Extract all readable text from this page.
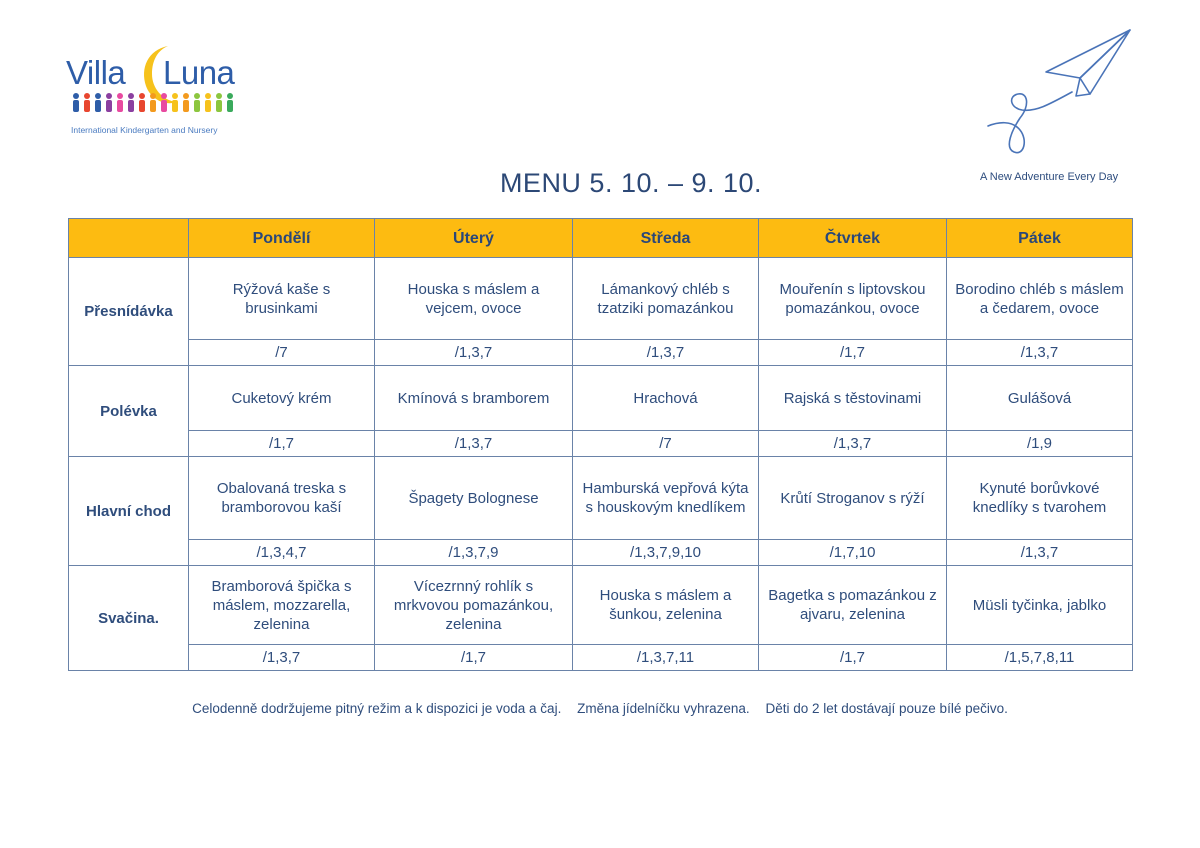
Villa Luna
International Kindergarten and Nursery
A New Adventure Every Day
MENU 5. 10. – 9. 10.
	Pondělí	Úterý	Středa	Čtvrtek	Pátek
Přesnídávka	Rýžová kaše s brusinkami	Houska s máslem a vejcem, ovoce	Lámankový chléb s tzatziki pomazánkou	Mouřenín s liptovskou pomazánkou, ovoce	Borodino chléb s máslem a čedarem, ovoce
	/7	/1,3,7	/1,3,7	/1,7	/1,3,7
Polévka	Cuketový krém	Kmínová s bramborem	Hrachová	Rajská s těstovinami	Gulášová
	/1,7	/1,3,7	/7	/1,3,7	/1,9
Hlavní chod	Obalovaná treska s bramborovou kaší	Špagety Bolognese	Hamburská vepřová kýta s houskovým knedlíkem	Krůtí Stroganov s rýží	Kynuté borůvkové knedlíky s tvarohem
	/1,3,4,7	/1,3,7,9	/1,3,7,9,10	/1,7,10	/1,3,7
Svačina.	Bramborová špička s máslem, mozzarella, zelenina	Vícezrnný rohlík s mrkvovou pomazánkou, zelenina	Houska s máslem a šunkou, zelenina	Bagetka s pomazánkou z ajvaru, zelenina	Müsli tyčinka, jablko
	/1,3,7	/1,7	/1,3,7,11	/1,7	/1,5,7,8,11
Celodenně dodržujeme pitný režim a k dispozici je voda a čaj. Změna jídelníčku vyhrazena. Děti do 2 let dostávají pouze bílé pečivo.
